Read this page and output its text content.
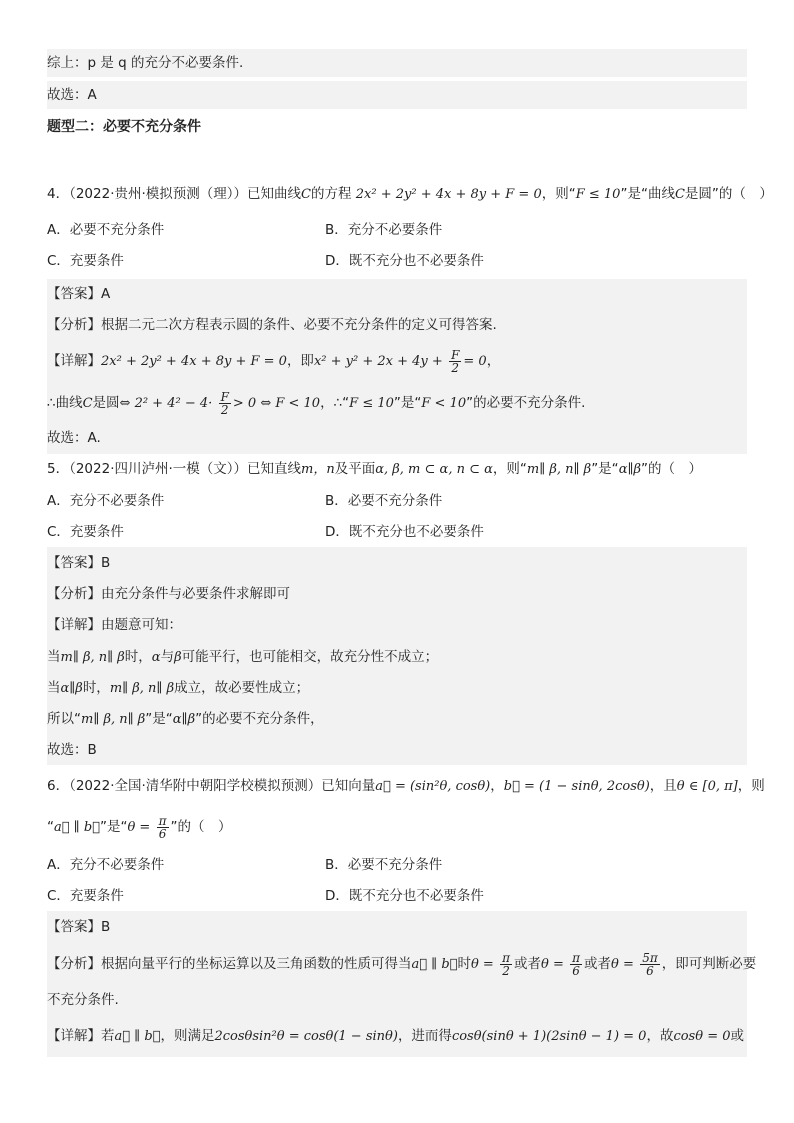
综上：p 是 q 的充分不必要条件.
故选：A
题型二：必要不充分条件
4．（2022·贵州·模拟预测（理））已知曲线C的方程 2x² + 2y² + 4x + 8y + F = 0，则“F ≤ 10”是“曲线C是圆”的（　）
A．必要不充分条件	B．充分不必要条件
C．充要条件	D．既不充分也不必要条件
【答案】A
【分析】根据二元二次方程表示圆的条件、必要不充分条件的定义可得答案.
【详解】2x² + 2y² + 4x + 8y + F = 0，即$x^2 + y^2 + 2x + 4y + \frac{F}{2} = 0$，
∴曲线C是圆⇔ $2^2 + 4^2 - 4\cdot \frac{F}{2} > 0$ ⇔ F < 10，∴“F ≤ 10”是“F < 10”的必要不充分条件.
故选：A.
5．（2022·四川泸州·一模（文））已知直线m，n及平面α, β, m ⊂ α, n ⊂ α，则“m∥ β, n∥ β”是“α∥β”的（　）
A．充分不必要条件	B．必要不充分条件
C．充要条件	D．既不充分也不必要条件
【答案】B
【分析】由充分条件与必要条件求解即可
【详解】由题意可知：
当m∥ β, n∥ β时，α与β可能平行，也可能相交，故充分性不成立；
当α∥β时，m∥ β, n∥ β成立，故必要性成立；
所以“m∥ β, n∥ β”是“α∥β”的必要不充分条件，
故选：B
6．（2022·全国·清华附中朝阳学校模拟预测）已知向量a⃗ = (sin²θ, cosθ)，b⃗ = (1 − sinθ, 2cosθ)，且θ ∈ [0, π]，则
“a⃗ ∥ b⃗”是“$\theta = \frac{\pi}{6}$ ”的（　）
A．充分不必要条件	B．必要不充分条件
C．充要条件	D．既不充分也不必要条件
【答案】B
【分析】根据向量平行的坐标运算以及三角函数的性质可得当a⃗ ∥ b⃗时$\theta = \frac{\pi}{2}$ 或者$\theta = \frac{\pi}{6}$ 或者$\theta = \frac{5\pi}{6}$ ，即可判断必要
不充分条件.
【详解】若a⃗ ∥ b⃗，则满足2cosθsin²θ = cosθ(1 − sinθ)，进而得cosθ(sinθ + 1)(2sinθ − 1) = 0，故cosθ = 0或
